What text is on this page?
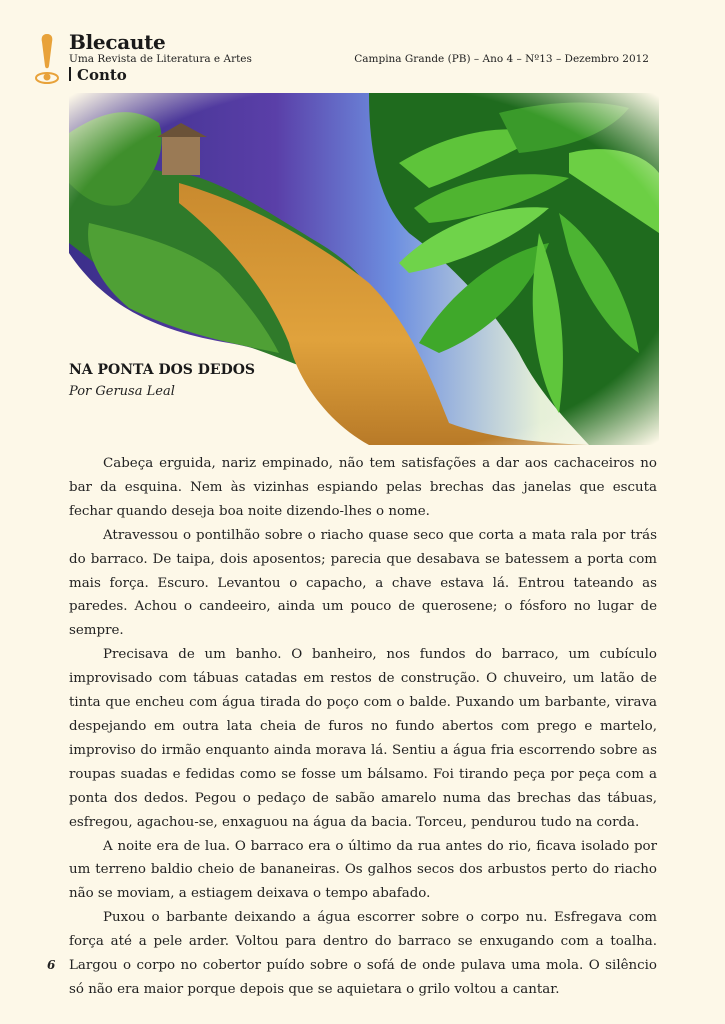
Blecaute
Uma Revista de Literatura e Artes	Campina Grande (PB) – Ano 4 – Nº13 – Dezembro 2012
Conto
NA PONTA DOS DEDOS
Por Gerusa Leal

Cabeça erguida, nariz empinado, não tem satisfações a dar aos cachaceiros no bar da esquina. Nem às vizinhas espiando pelas brechas das janelas que escuta fechar quando deseja boa noite dizendo-lhes o nome.

Atravessou o pontilhão sobre o riacho quase seco que corta a mata rala por trás do barraco. De taipa, dois aposentos; parecia que desabava se batessem a porta com mais força. Escuro. Levantou o capacho, a chave estava lá. Entrou tateando as paredes. Achou o candeeiro, ainda um pouco de querosene; o fósforo no lugar de sempre.

Precisava de um banho. O banheiro, nos fundos do barraco, um cubículo improvisado com tábuas catadas em restos de construção. O chuveiro, um latão de tinta que encheu com água tirada do poço com o balde. Puxando um barbante, virava despejando em outra lata cheia de furos no fundo abertos com prego e martelo, improviso do irmão enquanto ainda morava lá. Sentiu a água fria escorrendo sobre as roupas suadas e fedidas como se fosse um bálsamo. Foi tirando peça por peça com a ponta dos dedos. Pegou o pedaço de sabão amarelo numa das brechas das tábuas, esfregou, agachou-se, enxaguou na água da bacia. Torceu, pendurou tudo na corda.

A noite era de lua. O barraco era o último da rua antes do rio, ficava isolado por um terreno baldio cheio de bananeiras. Os galhos secos dos arbustos perto do riacho não se moviam, a estiagem deixava o tempo abafado.

Puxou o barbante deixando a água escorrer sobre o corpo nu. Esfregava com força até a pele arder. Voltou para dentro do barraco se enxugando com a toalha. Largou o corpo no cobertor puído sobre o sofá de onde pulava uma mola. O silêncio só não era maior porque depois que se aquietara o grilo voltou a cantar.

6
